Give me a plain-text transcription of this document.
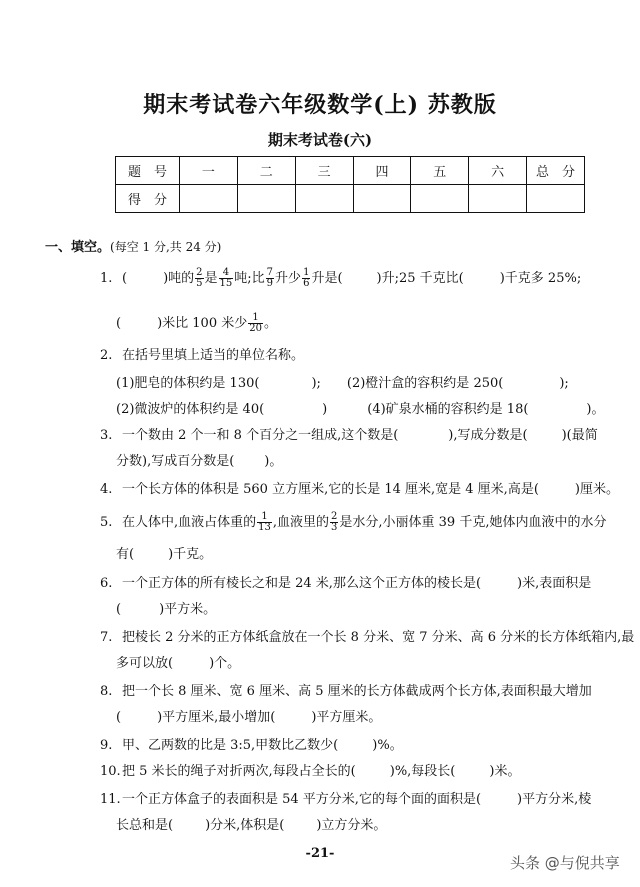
期末考试卷六年级数学(上) 苏教版
期末考试卷(六)
题　号	一	二	三	四	五	六	总　分
得　分							
一、填空。(每空 1 分,共 24 分)
1. (	)吨的 $\frac{2}{5}$ 是 $\frac{4}{15}$ 吨;比 $\frac{7}{9}$ 升少 $\frac{1}{6}$ 升是(	)升;25 千克比(	)千克多 25%;
(	)米比 100 米少 $\frac{1}{20}$ 。
2. 在括号里填上适当的单位名称。
(1)肥皂的体积约是 130(	); (2)橙汁盒的容积约是 250(	);
(2)微波炉的体积约是 40(	)	(4)矿泉水桶的容积约是 18(	)。
3. 一个数由 2 个一和 8 个百分之一组成,这个数是(	),写成分数是(	)(最简
分数),写成百分数是( )。
4. 一个长方体的体积是 560 立方厘米,它的长是 14 厘米,宽是 4 厘米,高是(	)厘米。
5. 在人体中,血液占体重的 $\frac{1}{13}$ ,血液里的 $\frac{2}{3}$ 是水分,小丽体重 39 千克,她体内血液中的水分
有(	)千克。
6. 一个正方体的所有棱长之和是 24 米,那么这个正方体的棱长是(	)米,表面积是
(	)平方米。
7. 把棱长 2 分米的正方体纸盒放在一个长 8 分米、宽 7 分米、高 6 分米的长方体纸箱内,最
多可以放(	)个。
8. 把一个长 8 厘米、宽 6 厘米、高 5 厘米的长方体截成两个长方体,表面积最大增加
(	)平方厘米,最小增加(	)平方厘米。
9. 甲、乙两数的比是 3:5,甲数比乙数少(	)%。
10.把 5 米长的绳子对折两次,每段占全长的(	)%,每段长(	)米。
11.一个正方体盒子的表面积是 54 平方分米,它的每个面的面积是(	)平方分米,棱
长总和是( )分米,体积是( )立方分米。
-21-
头条 @与倪共享
